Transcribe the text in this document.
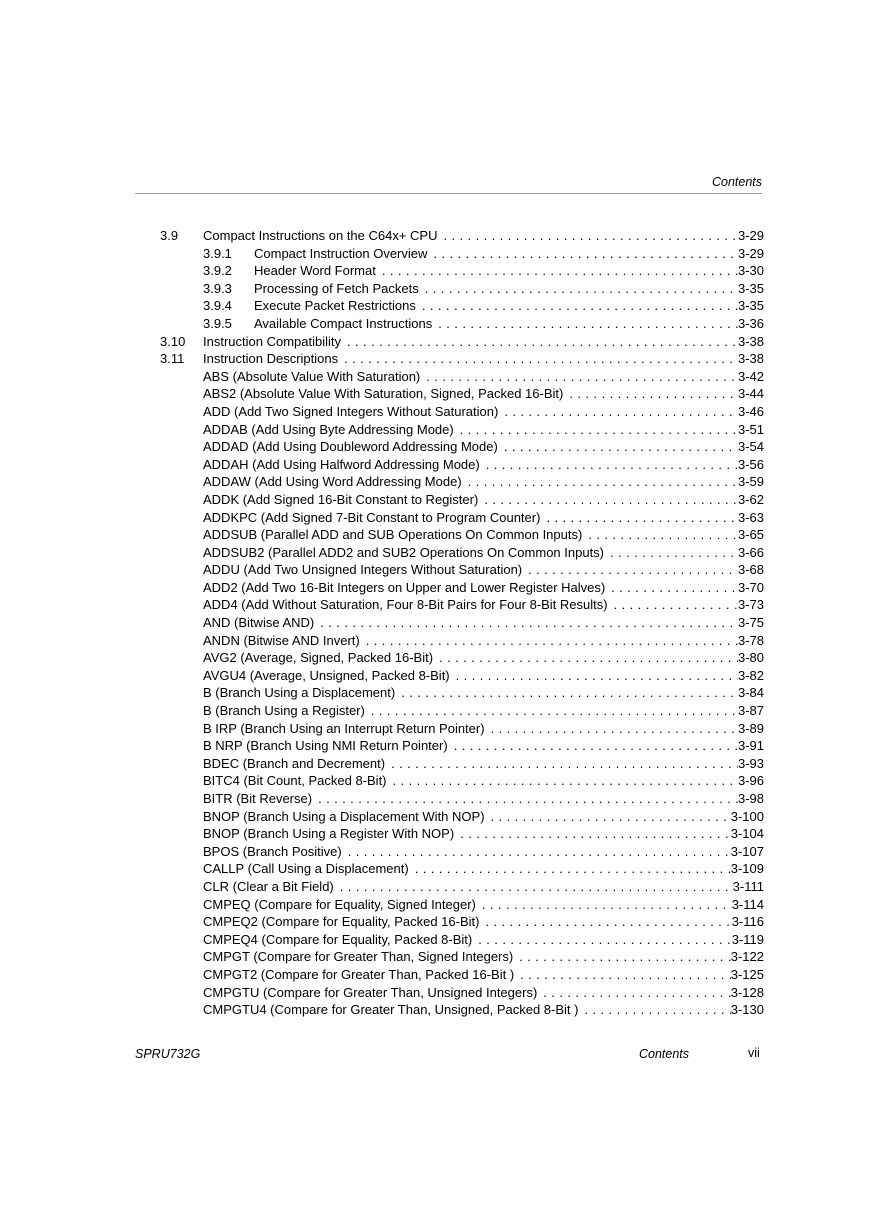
Contents
3.9 Compact Instructions on the C64x+ CPU . . .	3-29
3.9.1	Compact Instruction Overview . . .	3-29
3.9.2	Header Word Format . . .	3-30
3.9.3	Processing of Fetch Packets . . .	3-35
3.9.4	Execute Packet Restrictions . . .	3-35
3.9.5	Available Compact Instructions . . .	3-36
3.10 Instruction Compatibility . . .	3-38
3.11 Instruction Descriptions . . .	3-38
ABS (Absolute Value With Saturation) . . .	3-42
ABS2 (Absolute Value With Saturation, Signed, Packed 16-Bit) . . .	3-44
ADD (Add Two Signed Integers Without Saturation) . . .	3-46
ADDAB (Add Using Byte Addressing Mode) . . .	3-51
ADDAD (Add Using Doubleword Addressing Mode) . . .	3-54
ADDAH (Add Using Halfword Addressing Mode) . . .	3-56
ADDAW (Add Using Word Addressing Mode) . . .	3-59
ADDK (Add Signed 16-Bit Constant to Register) . . .	3-62
ADDKPC (Add Signed 7-Bit Constant to Program Counter) . . .	3-63
ADDSUB (Parallel ADD and SUB Operations On Common Inputs) . . .	3-65
ADDSUB2 (Parallel ADD2 and SUB2 Operations On Common Inputs) . . .	3-66
ADDU (Add Two Unsigned Integers Without Saturation) . . .	3-68
ADD2 (Add Two 16-Bit Integers on Upper and Lower Register Halves) . . .	3-70
ADD4 (Add Without Saturation, Four 8-Bit Pairs for Four 8-Bit Results) . . .	3-73
AND (Bitwise AND) . . .	3-75
ANDN (Bitwise AND Invert) . . .	3-78
AVG2 (Average, Signed, Packed 16-Bit) . . .	3-80
AVGU4 (Average, Unsigned, Packed 8-Bit) . . .	3-82
B (Branch Using a Displacement) . . .	3-84
B (Branch Using a Register) . . .	3-87
B IRP (Branch Using an Interrupt Return Pointer) . . .	3-89
B NRP (Branch Using NMI Return Pointer) . . .	3-91
BDEC (Branch and Decrement) . . .	3-93
BITC4 (Bit Count, Packed 8-Bit) . . .	3-96
BITR (Bit Reverse) . . .	3-98
BNOP (Branch Using a Displacement With NOP) . . .	3-100
BNOP (Branch Using a Register With NOP) . . .	3-104
BPOS (Branch Positive) . . .	3-107
CALLP (Call Using a Displacement) . . .	3-109
CLR (Clear a Bit Field) . . .	3-111
CMPEQ (Compare for Equality, Signed Integer) . . .	3-114
CMPEQ2 (Compare for Equality, Packed 16-Bit) . . .	3-116
CMPEQ4 (Compare for Equality, Packed 8-Bit) . . .	3-119
CMPGT (Compare for Greater Than, Signed Integers) . . .	3-122
CMPGT2 (Compare for Greater Than, Packed 16-Bit ) . . .	3-125
CMPGTU (Compare for Greater Than, Unsigned Integers) . . .	3-128
CMPGTU4 (Compare for Greater Than, Unsigned, Packed 8-Bit ) . . .	3-130
SPRU732G	Contents	vii
